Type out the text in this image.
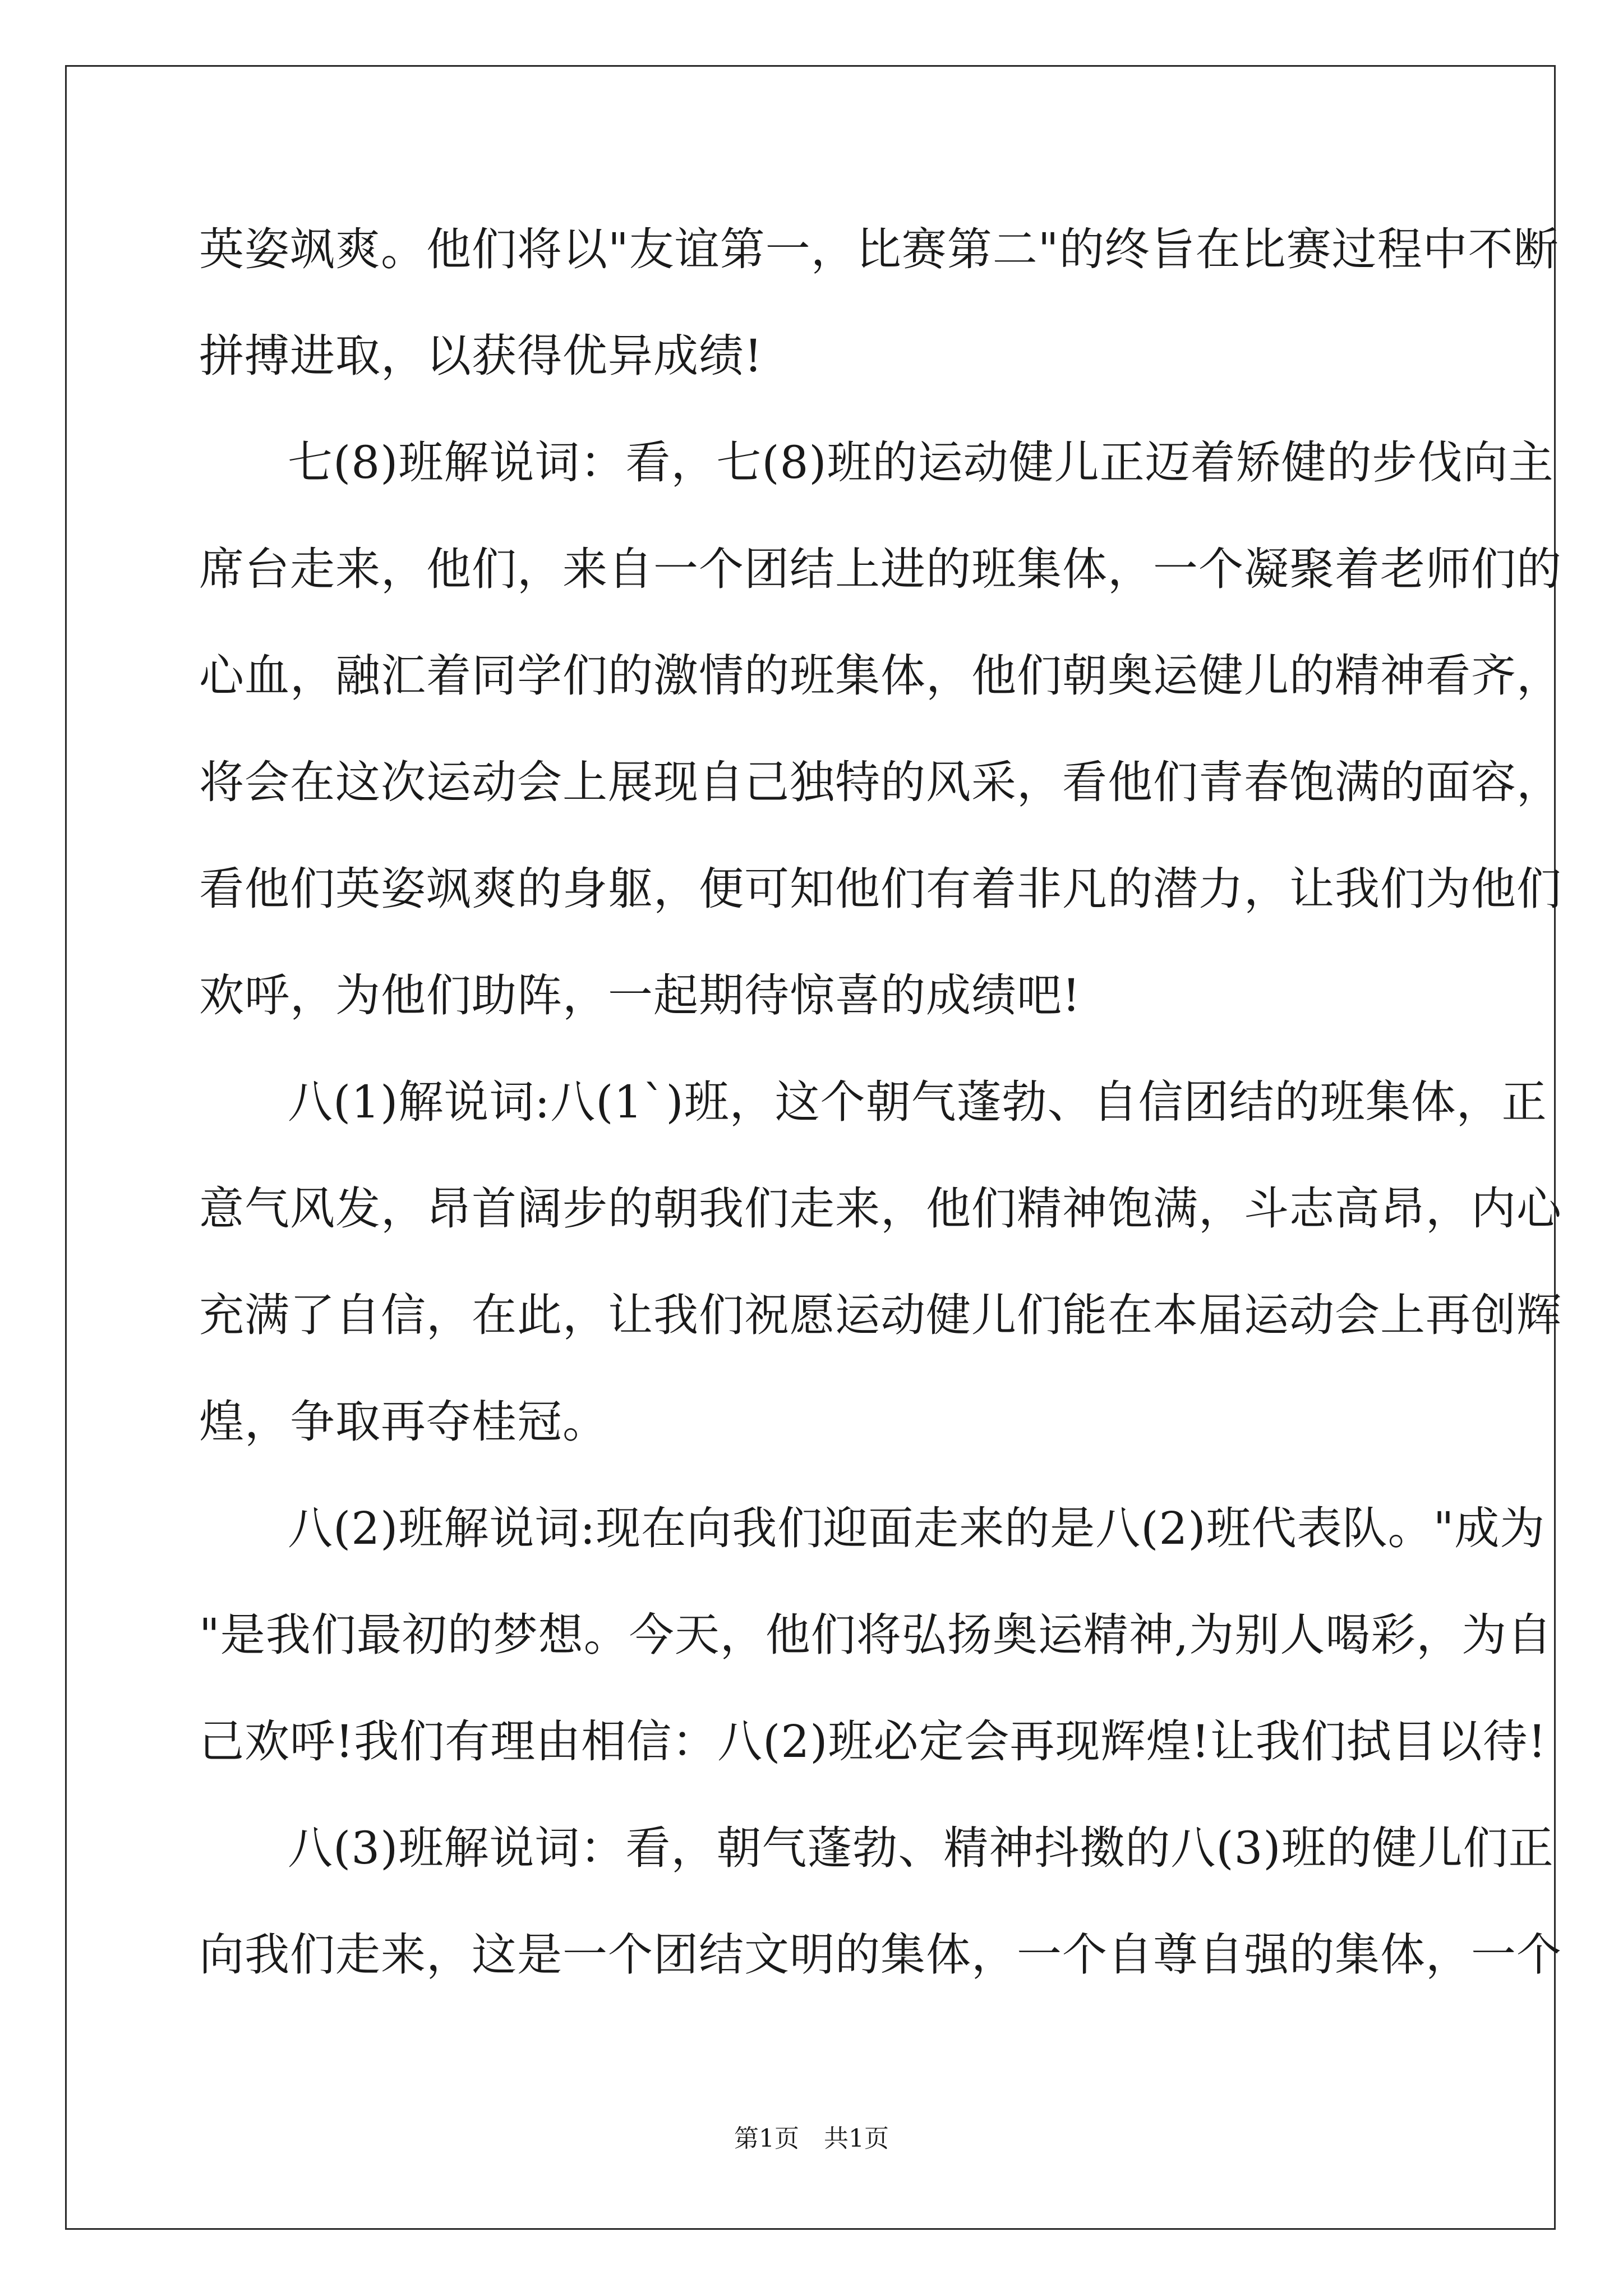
英姿飒爽。他们将以"友谊第一，比赛第二"的终旨在比赛过程中不断
拼搏进取，以获得优异成绩!
七(8)班解说词：看，七(8)班的运动健儿正迈着矫健的步伐向主
席台走来，他们，来自一个团结上进的班集体，一个凝聚着老师们的
心血，融汇着同学们的激情的班集体，他们朝奥运健儿的精神看齐，
将会在这次运动会上展现自己独特的风采，看他们青春饱满的面容，
看他们英姿飒爽的身躯，便可知他们有着非凡的潜力，让我们为他们
欢呼，为他们助阵，一起期待惊喜的成绩吧!
八(1)解说词:八(1`)班，这个朝气蓬勃、自信团结的班集体，正
意气风发，昂首阔步的朝我们走来，他们精神饱满，斗志高昂，内心
充满了自信，在此，让我们祝愿运动健儿们能在本届运动会上再创辉
煌，争取再夺桂冠。
八(2)班解说词:现在向我们迎面走来的是八(2)班代表队。"成为
"是我们最初的梦想。今天，他们将弘扬奥运精神,为别人喝彩，为自
己欢呼!我们有理由相信：八(2)班必定会再现辉煌!让我们拭目以待!
八(3)班解说词：看，朝气蓬勃、精神抖擞的八(3)班的健儿们正
向我们走来，这是一个团结文明的集体，一个自尊自强的集体，一个
第1页　共1页
